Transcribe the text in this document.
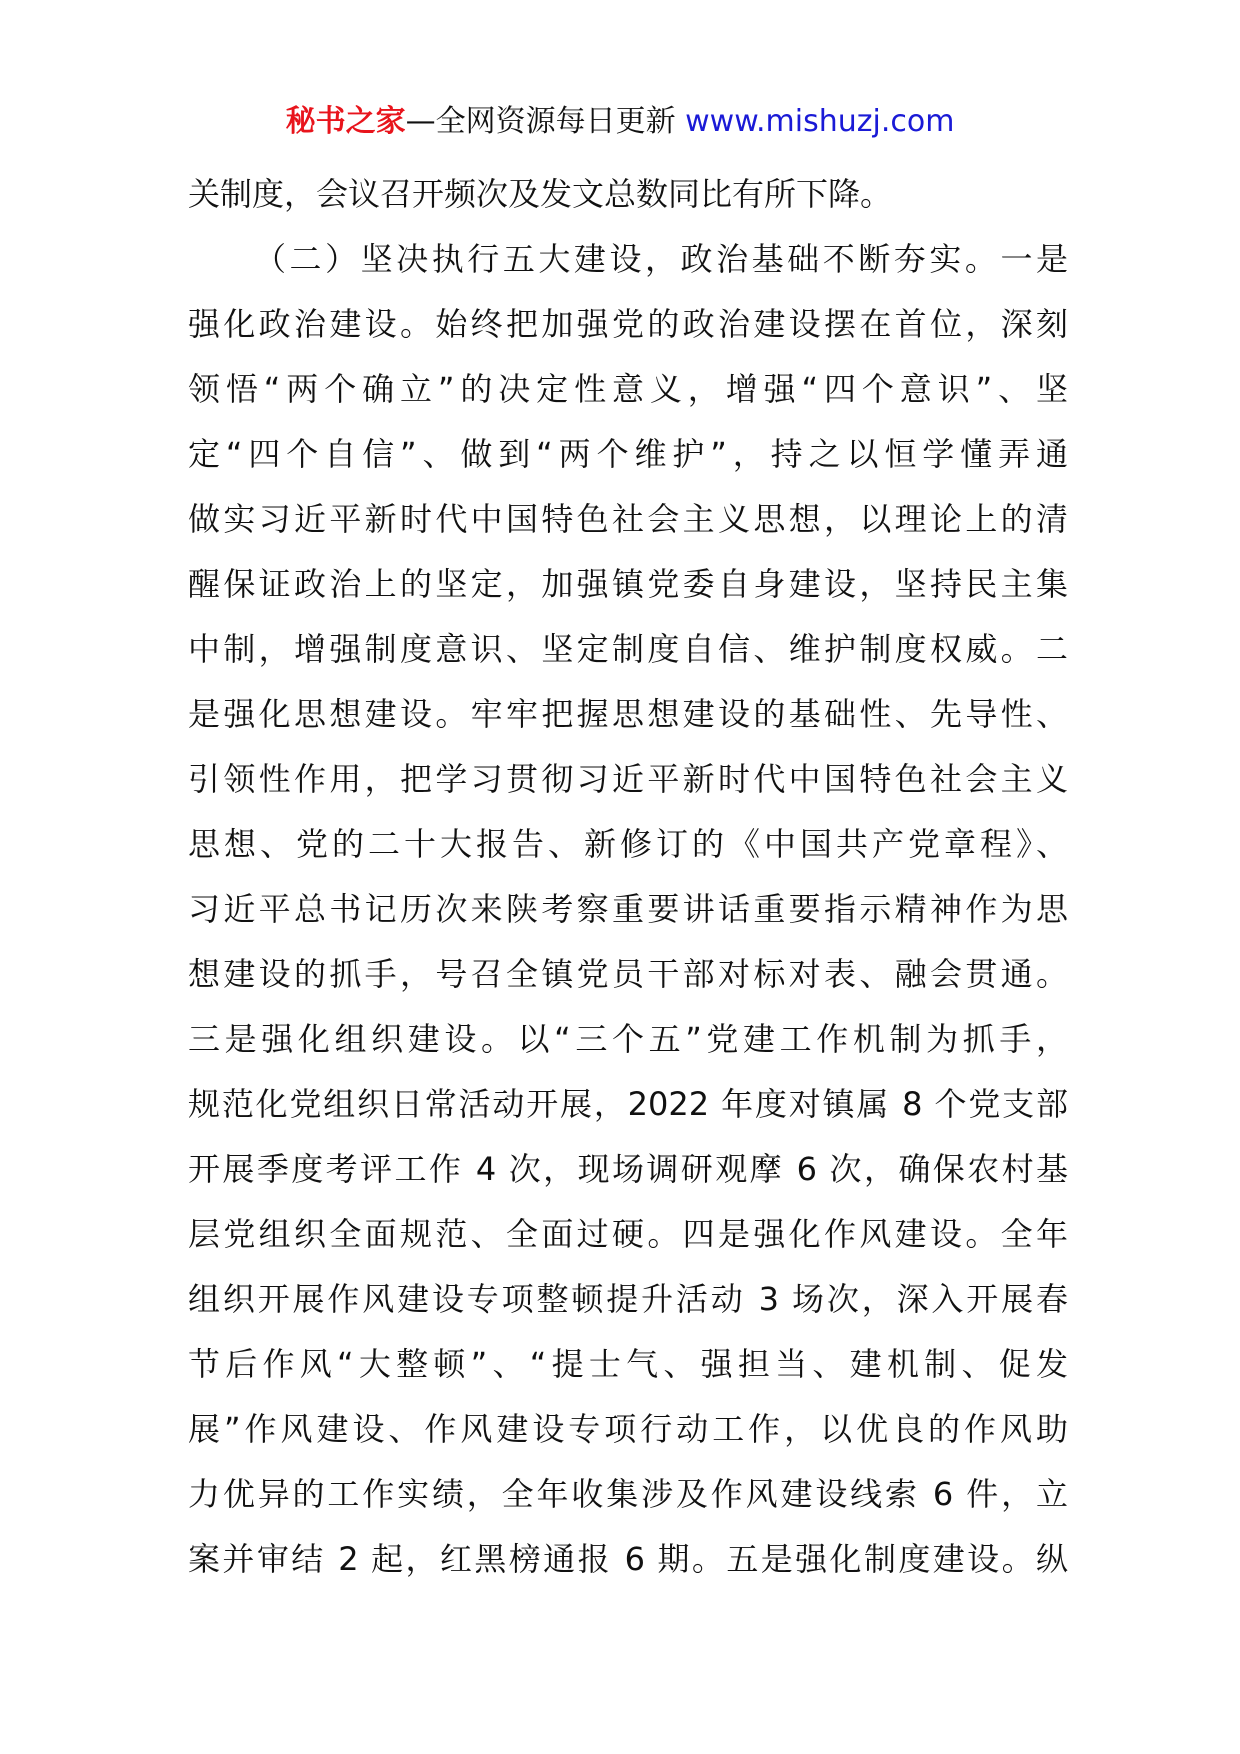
秘书之家—全网资源每日更新 www.mishuzj.com
关制度，会议召开频次及发文总数同比有所下降。
（二）坚决执行五大建设，政治基础不断夯实。一是
强化政治建设。始终把加强党的政治建设摆在首位，深刻
领悟“两个确立”的决定性意义，增强“四个意识”、坚
定“四个自信”、做到“两个维护”，持之以恒学懂弄通
做实习近平新时代中国特色社会主义思想，以理论上的清
醒保证政治上的坚定，加强镇党委自身建设，坚持民主集
中制，增强制度意识、坚定制度自信、维护制度权威。二
是强化思想建设。牢牢把握思想建设的基础性、先导性、
引领性作用，把学习贯彻习近平新时代中国特色社会主义
思想、党的二十大报告、新修订的《中国共产党章程》、
习近平总书记历次来陕考察重要讲话重要指示精神作为思
想建设的抓手，号召全镇党员干部对标对表、融会贯通。
三是强化组织建设。以“三个五”党建工作机制为抓手，
规范化党组织日常活动开展，2022 年度对镇属 8 个党支部
开展季度考评工作 4 次，现场调研观摩 6 次，确保农村基
层党组织全面规范、全面过硬。四是强化作风建设。全年
组织开展作风建设专项整顿提升活动 3 场次，深入开展春
节后作风“大整顿”、“提士气、强担当、建机制、促发
展”作风建设、作风建设专项行动工作，以优良的作风助
力优异的工作实绩，全年收集涉及作风建设线索 6 件，立
案并审结 2 起，红黑榜通报 6 期。五是强化制度建设。纵
